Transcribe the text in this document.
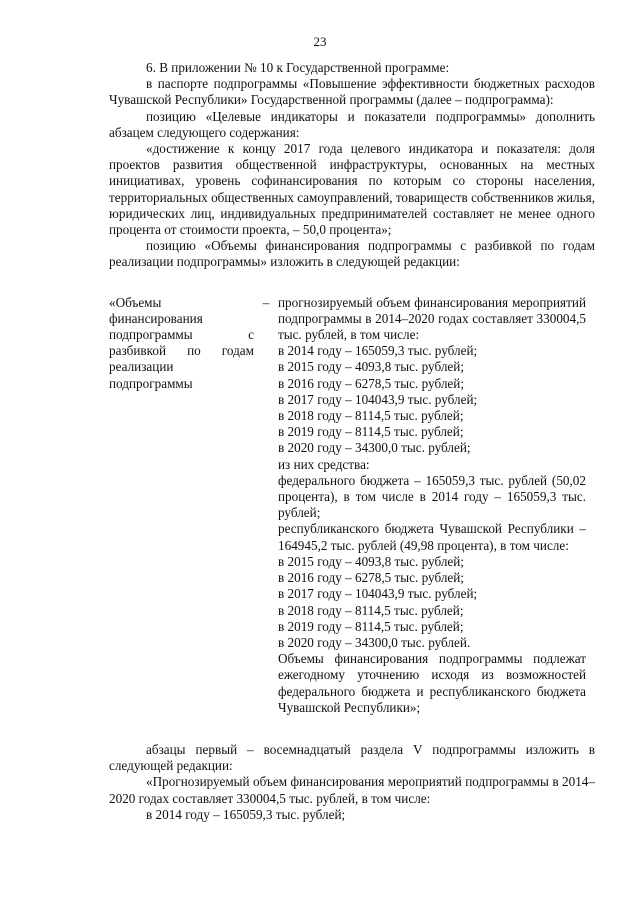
23

6. В приложении № 10 к Государственной программе:

в паспорте подпрограммы «Повышение эффективности бюджетных расходов Чувашской Республики» Государственной программы (далее – подпрограмма):

позицию «Целевые индикаторы и показатели подпрограммы» дополнить абзацем следующего содержания:

«достижение к концу 2017 года целевого индикатора и показателя: доля проектов развития общественной инфраструктуры, основанных на местных инициативах, уровень софинансирования по которым со стороны населения, территориальных общественных самоуправлений, товариществ собственников жилья, юридических лиц, индивидуальных предпринимателей составляет не менее одного процента от стоимости проекта, – 50,0 процента»;

позицию «Объемы финансирования подпрограммы с разбивкой по годам реализации подпрограммы» изложить в следующей редакции:

«Объемы финансирования подпрограммы с разбивкой по годам реализации подпрограммы
– прогнозируемый объем финансирования мероприятий подпрограммы в 2014–2020 годах составляет 330004,5 тыс. рублей, в том числе:

в 2014 году – 165059,3 тыс. рублей;

в 2015 году – 4093,8 тыс. рублей;

в 2016 году – 6278,5 тыс. рублей;

в 2017 году – 104043,9 тыс. рублей;

в 2018 году – 8114,5 тыс. рублей;

в 2019 году – 8114,5 тыс. рублей;

в 2020 году – 34300,0 тыс. рублей;

из них средства:

федерального бюджета – 165059,3 тыс. рублей (50,02 процента), в том числе в 2014 году – 165059,3 тыс. рублей;

республиканского бюджета Чувашской Республики – 164945,2 тыс. рублей (49,98 процента), в том числе:

в 2015 году – 4093,8 тыс. рублей;

в 2016 году – 6278,5 тыс. рублей;

в 2017 году – 104043,9 тыс. рублей;

в 2018 году – 8114,5 тыс. рублей;

в 2019 году – 8114,5 тыс. рублей;

в 2020 году – 34300,0 тыс. рублей.

Объемы финансирования подпрограммы подлежат ежегодному уточнению исходя из возможностей федерального бюджета и республиканского бюджета Чувашской Республики»;

абзацы первый – восемнадцатый раздела V подпрограммы изложить в следующей редакции:

«Прогнозируемый объем финансирования мероприятий подпрограммы в 2014–2020 годах составляет 330004,5 тыс. рублей, в том числе:

в 2014 году – 165059,3 тыс. рублей;
